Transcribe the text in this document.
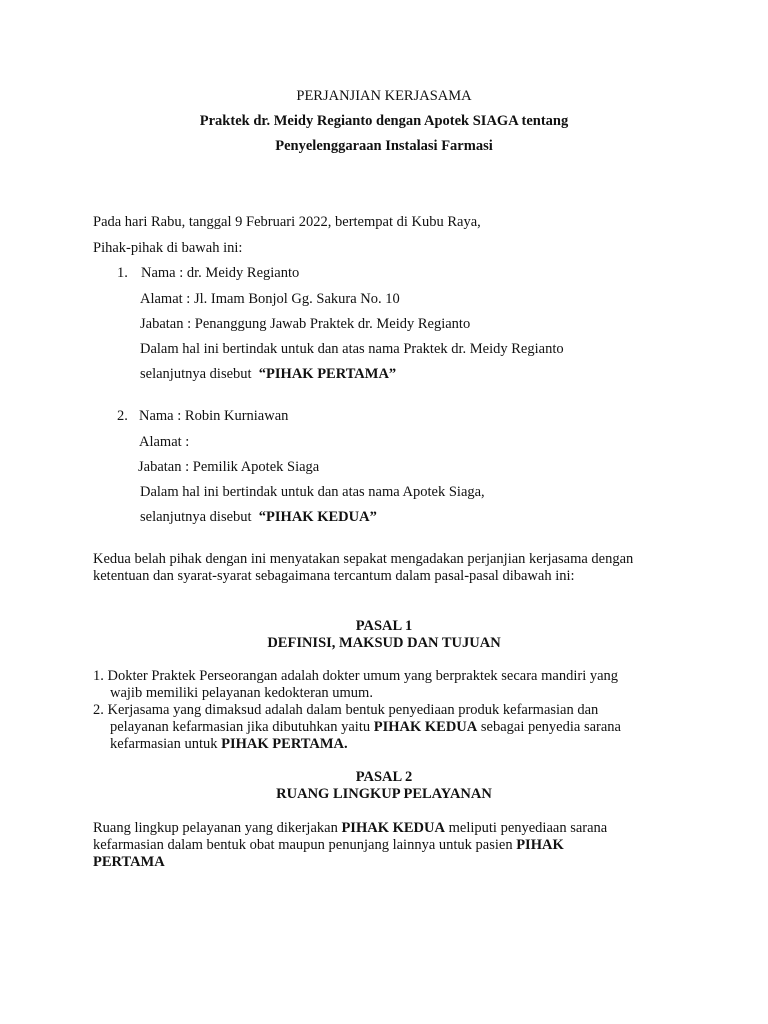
PERJANJIAN KERJASAMA
Praktek dr. Meidy Regianto dengan Apotek SIAGA tentang
Penyelenggaraan Instalasi Farmasi
Pada hari Rabu, tanggal 9 Februari 2022, bertempat di Kubu Raya,
Pihak-pihak di bawah ini:
1. Nama : dr. Meidy Regianto
Alamat : Jl. Imam Bonjol Gg. Sakura No. 10
Jabatan : Penanggung Jawab Praktek dr. Meidy Regianto
Dalam hal ini bertindak untuk dan atas nama Praktek dr. Meidy Regianto
selanjutnya disebut “PIHAK PERTAMA”
2. Nama : Robin Kurniawan
Alamat :
Jabatan : Pemilik Apotek Siaga
Dalam hal ini bertindak untuk dan atas nama Apotek Siaga,
selanjutnya disebut “PIHAK KEDUA”
Kedua belah pihak dengan ini menyatakan sepakat mengadakan perjanjian kerjasama dengan
ketentuan dan syarat-syarat sebagaimana tercantum dalam pasal-pasal dibawah ini:
PASAL 1
DEFINISI, MAKSUD DAN TUJUAN
1. Dokter Praktek Perseorangan adalah dokter umum yang berpraktek secara mandiri yang
wajib memiliki pelayanan kedokteran umum.
2. Kerjasama yang dimaksud adalah dalam bentuk penyediaan produk kefarmasian dan
pelayanan kefarmasian jika dibutuhkan yaitu PIHAK KEDUA sebagai penyedia sarana
kefarmasian untuk PIHAK PERTAMA.
PASAL 2
RUANG LINGKUP PELAYANAN
Ruang lingkup pelayanan yang dikerjakan PIHAK KEDUA meliputi penyediaan sarana
kefarmasian dalam bentuk obat maupun penunjang lainnya untuk pasien PIHAK
PERTAMA
